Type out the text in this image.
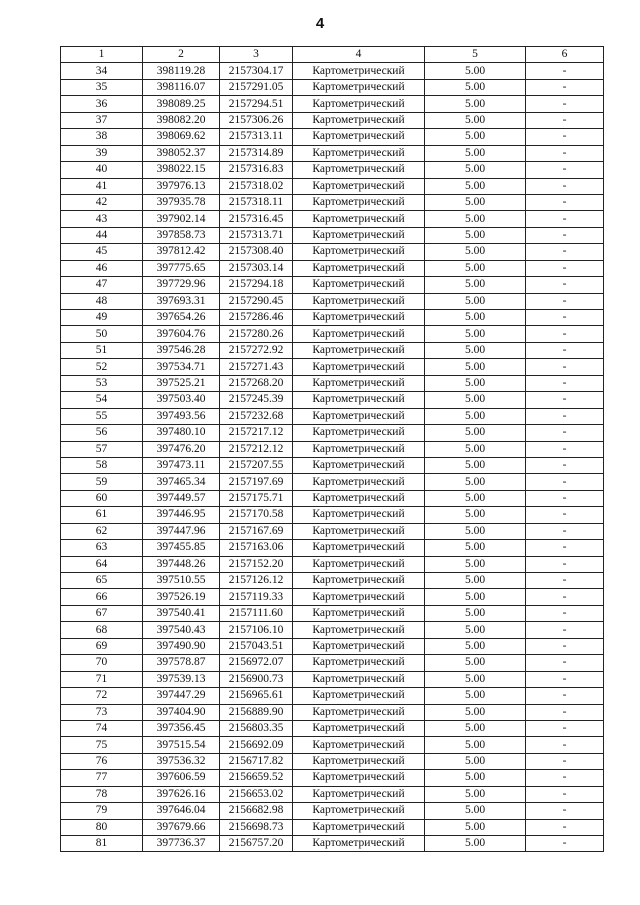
4
1	2	3	4	5	6
34	398119.28	2157304.17	Картометрический	5.00	-
35	398116.07	2157291.05	Картометрический	5.00	-
36	398089.25	2157294.51	Картометрический	5.00	-
37	398082.20	2157306.26	Картометрический	5.00	-
38	398069.62	2157313.11	Картометрический	5.00	-
39	398052.37	2157314.89	Картометрический	5.00	-
40	398022.15	2157316.83	Картометрический	5.00	-
41	397976.13	2157318.02	Картометрический	5.00	-
42	397935.78	2157318.11	Картометрический	5.00	-
43	397902.14	2157316.45	Картометрический	5.00	-
44	397858.73	2157313.71	Картометрический	5.00	-
45	397812.42	2157308.40	Картометрический	5.00	-
46	397775.65	2157303.14	Картометрический	5.00	-
47	397729.96	2157294.18	Картометрический	5.00	-
48	397693.31	2157290.45	Картометрический	5.00	-
49	397654.26	2157286.46	Картометрический	5.00	-
50	397604.76	2157280.26	Картометрический	5.00	-
51	397546.28	2157272.92	Картометрический	5.00	-
52	397534.71	2157271.43	Картометрический	5.00	-
53	397525.21	2157268.20	Картометрический	5.00	-
54	397503.40	2157245.39	Картометрический	5.00	-
55	397493.56	2157232.68	Картометрический	5.00	-
56	397480.10	2157217.12	Картометрический	5.00	-
57	397476.20	2157212.12	Картометрический	5.00	-
58	397473.11	2157207.55	Картометрический	5.00	-
59	397465.34	2157197.69	Картометрический	5.00	-
60	397449.57	2157175.71	Картометрический	5.00	-
61	397446.95	2157170.58	Картометрический	5.00	-
62	397447.96	2157167.69	Картометрический	5.00	-
63	397455.85	2157163.06	Картометрический	5.00	-
64	397448.26	2157152.20	Картометрический	5.00	-
65	397510.55	2157126.12	Картометрический	5.00	-
66	397526.19	2157119.33	Картометрический	5.00	-
67	397540.41	2157111.60	Картометрический	5.00	-
68	397540.43	2157106.10	Картометрический	5.00	-
69	397490.90	2157043.51	Картометрический	5.00	-
70	397578.87	2156972.07	Картометрический	5.00	-
71	397539.13	2156900.73	Картометрический	5.00	-
72	397447.29	2156965.61	Картометрический	5.00	-
73	397404.90	2156889.90	Картометрический	5.00	-
74	397356.45	2156803.35	Картометрический	5.00	-
75	397515.54	2156692.09	Картометрический	5.00	-
76	397536.32	2156717.82	Картометрический	5.00	-
77	397606.59	2156659.52	Картометрический	5.00	-
78	397626.16	2156653.02	Картометрический	5.00	-
79	397646.04	2156682.98	Картометрический	5.00	-
80	397679.66	2156698.73	Картометрический	5.00	-
81	397736.37	2156757.20	Картометрический	5.00	-
